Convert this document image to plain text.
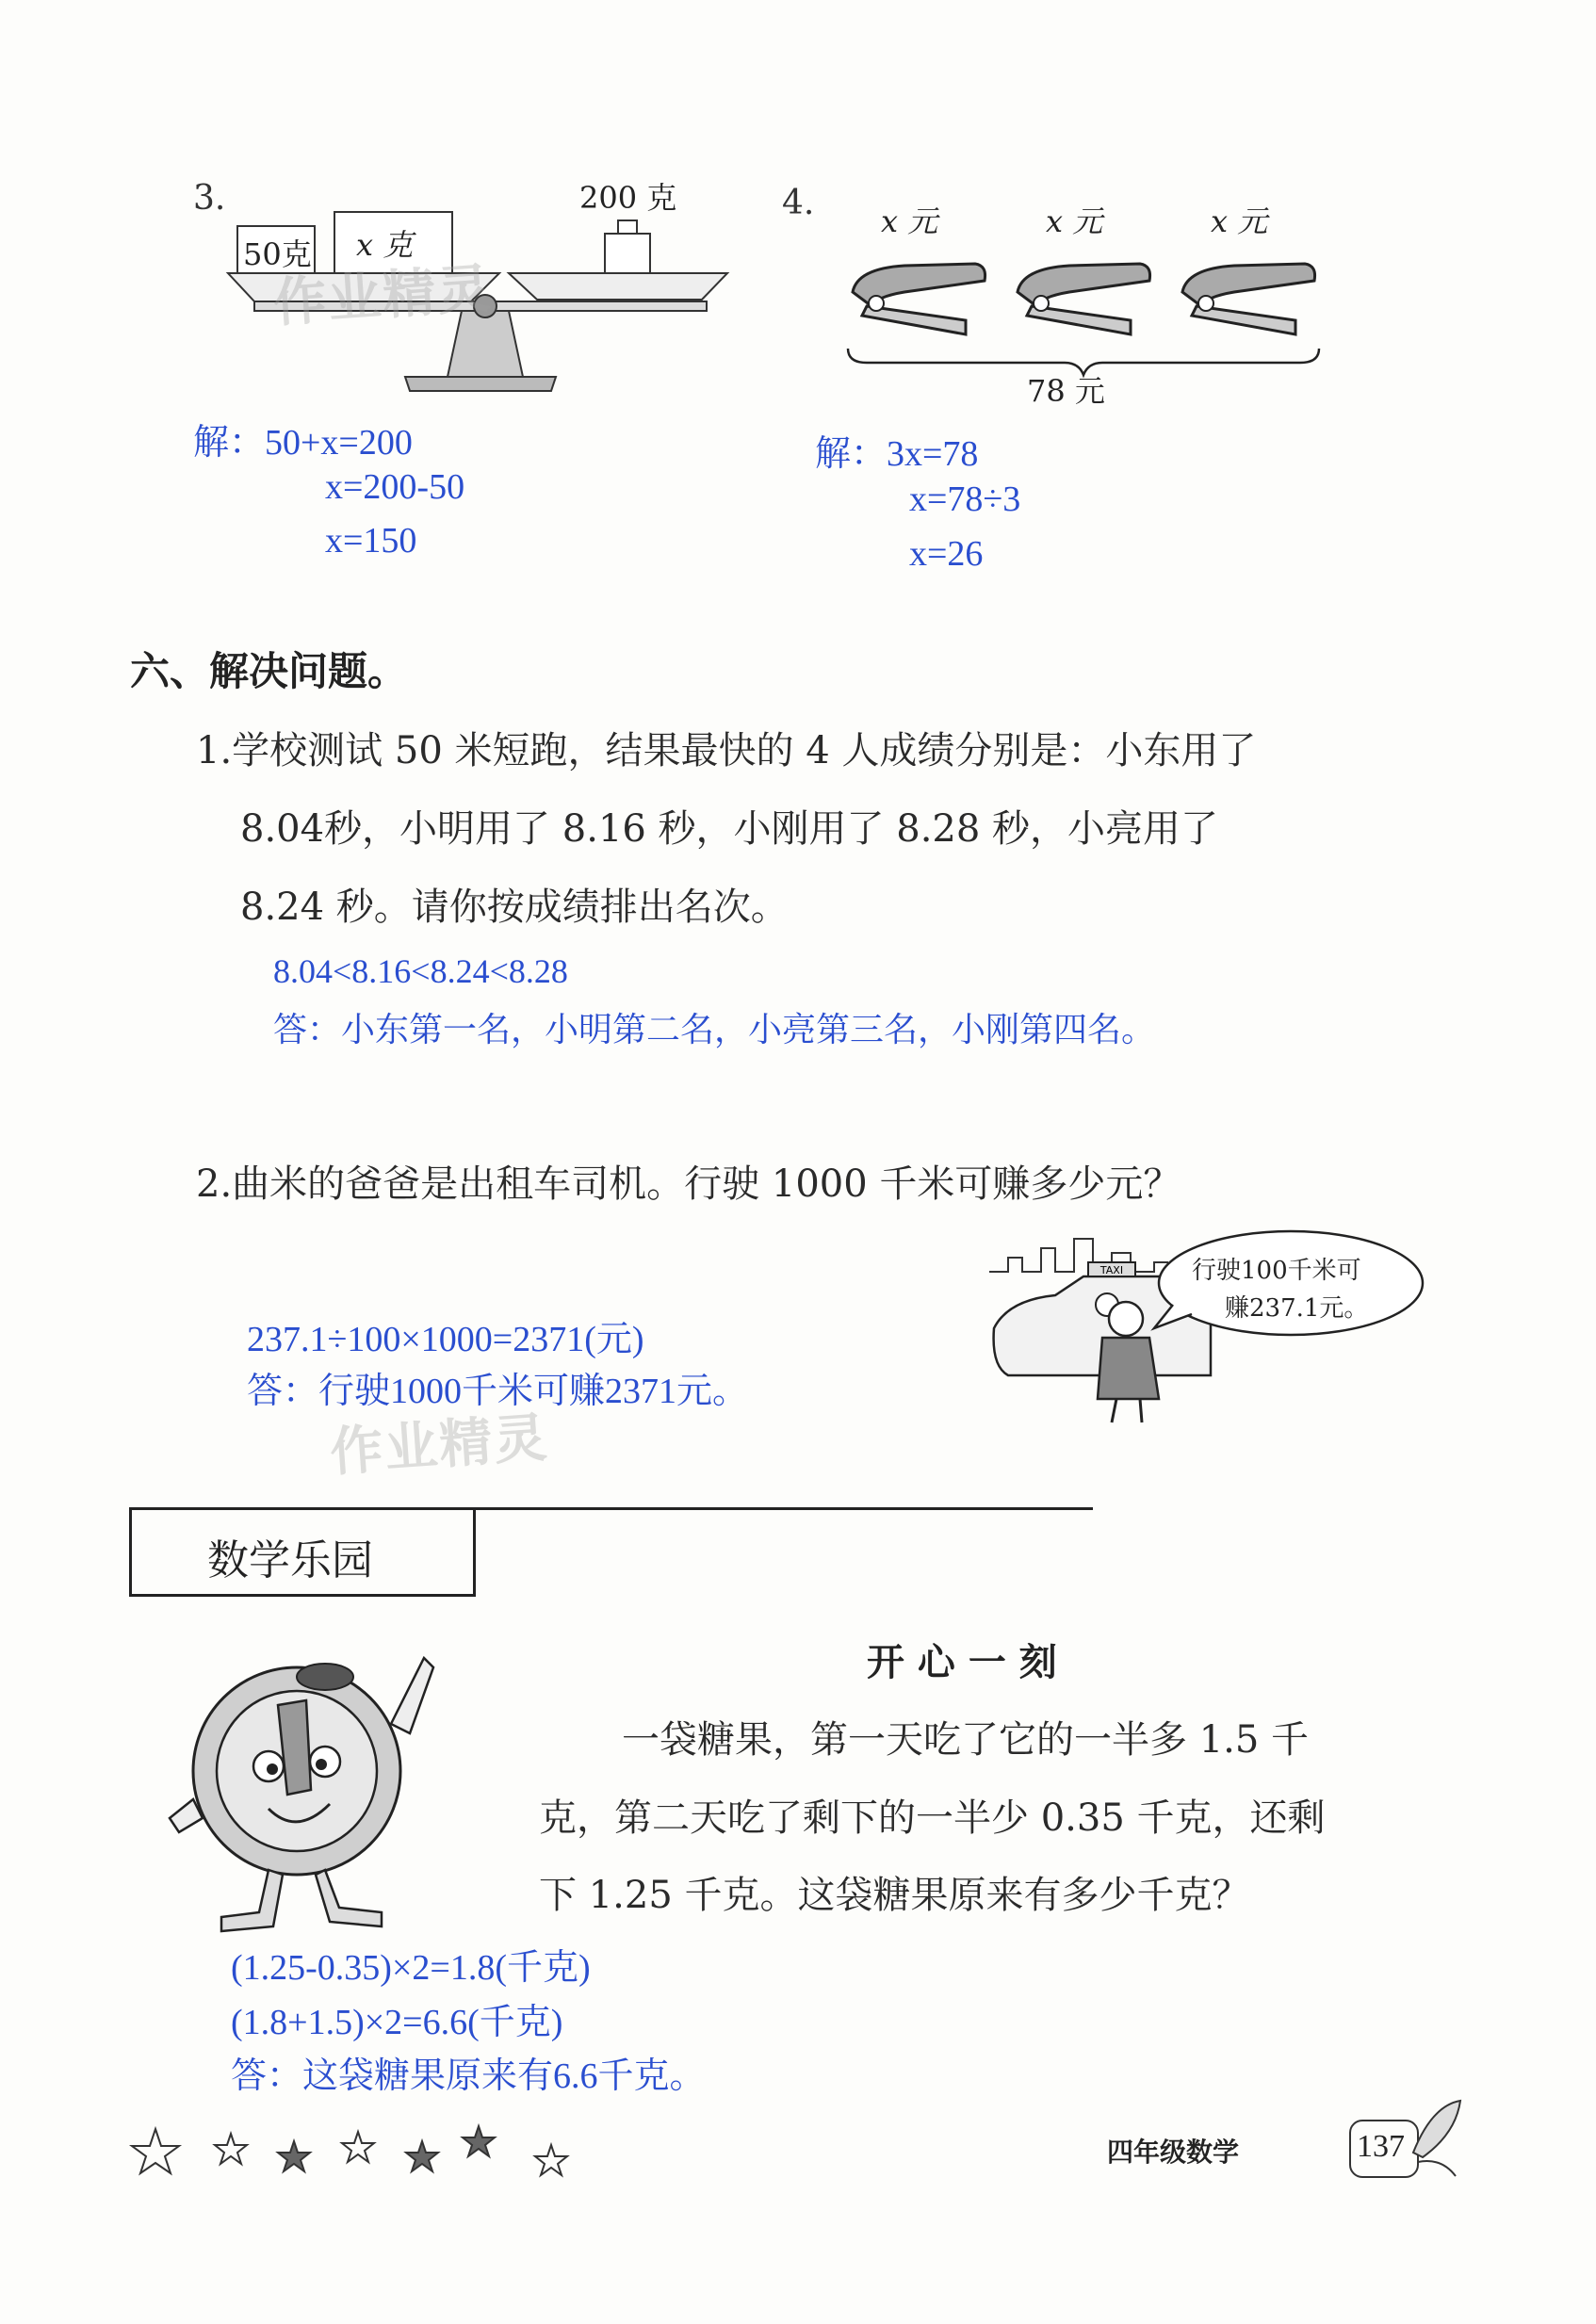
3.
50克 x 克
200 克
作业精灵
解：50+x=200
x=200-50
x=150
4. x 元	x 元	x 元
78 元
解：3x=78
x=78÷3
x=26
六、解决问题。
1.学校测试 50 米短跑，结果最快的 4 人成绩分别是：小东用了
8.04秒，小明用了 8.16 秒，小刚用了 8.28 秒，小亮用了
8.24 秒。请你按成绩排出名次。
8.04<8.16<8.24<8.28
答：小东第一名，小明第二名，小亮第三名，小刚第四名。
2.曲米的爸爸是出租车司机。行驶 1000 千米可赚多少元？
TAXI	行驶100千米可
赚237.1元。
237.1÷100×1000=2371(元)
答：行驶1000千米可赚2371元。
作业精灵
数学乐园
开 心 一 刻
一袋糖果，第一天吃了它的一半多 1.5 千
克，第二天吃了剩下的一半少 0.35 千克，还剩
下 1.25 千克。这袋糖果原来有多少千克？
(1.25-0.35)×2=1.8(千克)
(1.8+1.5)×2=6.6(千克)
答：这袋糖果原来有6.6千克。
四年级数学	137
